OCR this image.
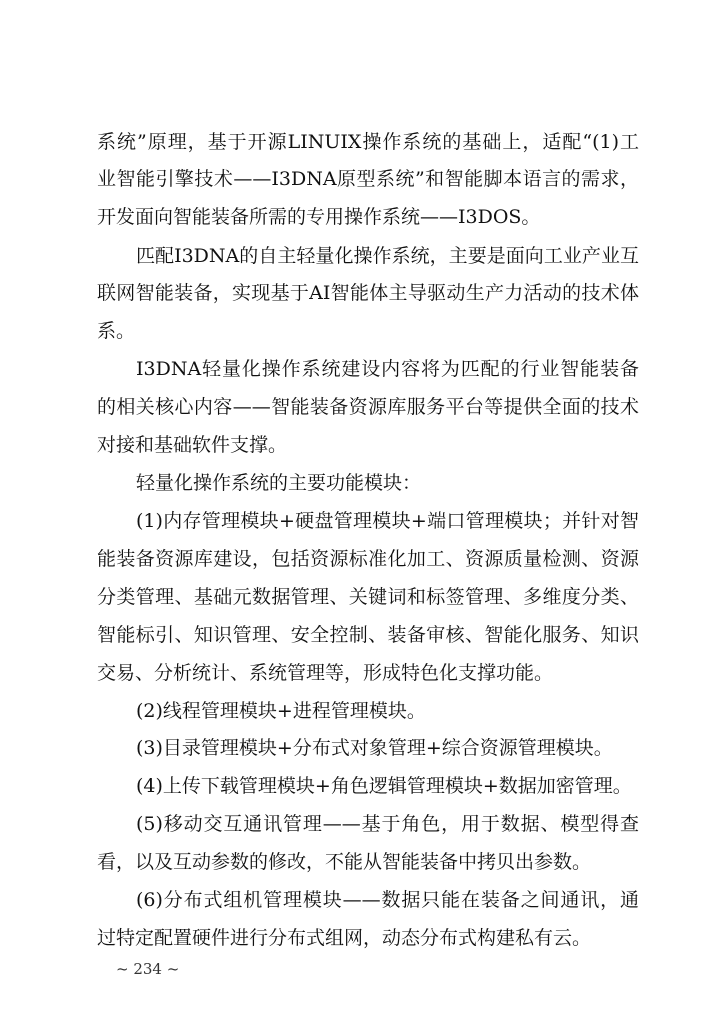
系统”原理，基于开源LINUIX操作系统的基础上，适配“(1)工
业智能引擎技术——I3DNA原型系统”和智能脚本语言的需求，
开发面向智能装备所需的专用操作系统——I3DOS。
匹配I3DNA的自主轻量化操作系统，主要是面向工业产业互
联网智能装备，实现基于AI智能体主导驱动生产力活动的技术体
系。
I3DNA轻量化操作系统建设内容将为匹配的行业智能装备
的相关核心内容——智能装备资源库服务平台等提供全面的技术
对接和基础软件支撑。
轻量化操作系统的主要功能模块：
(1)内存管理模块+硬盘管理模块+端口管理模块；并针对智
能装备资源库建设，包括资源标准化加工、资源质量检测、资源
分类管理、基础元数据管理、关键词和标签管理、多维度分类、
智能标引、知识管理、安全控制、装备审核、智能化服务、知识
交易、分析统计、系统管理等，形成特色化支撑功能。
(2)线程管理模块+进程管理模块。
(3)目录管理模块+分布式对象管理+综合资源管理模块。
(4)上传下载管理模块+角色逻辑管理模块+数据加密管理。
(5)移动交互通讯管理——基于角色，用于数据、模型得查
看，以及互动参数的修改，不能从智能装备中拷贝出参数。
(6)分布式组机管理模块——数据只能在装备之间通讯，通
过特定配置硬件进行分布式组网，动态分布式构建私有云。
~ 234 ~
